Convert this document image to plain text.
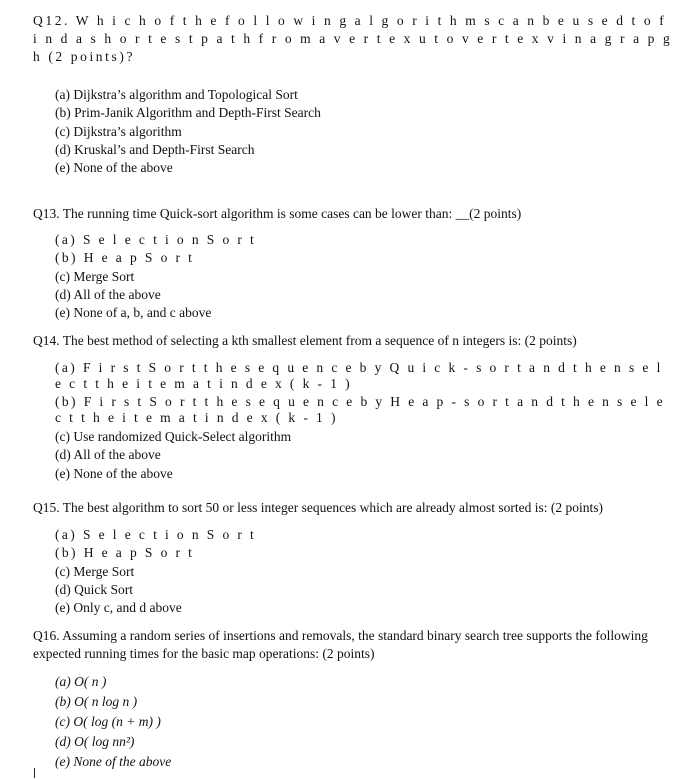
Q12. W h i c h o f t h e f o l l o w i n g a l g o r i t h m s c a n b e u s e d t o f i n d a s h o r t e s t p a t h f r o m a v e r t e x u t o v e r t e x v i n a g r a p g h (2 points)?
(a) Dijkstra’s algorithm and Topological Sort
(b) Prim-Janik Algorithm and Depth-First Search
(c) Dijkstra’s algorithm
(d) Kruskal’s and Depth-First Search
(e) None of the above
Q13. The running time Quick-sort algorithm is some cases can be lower than: __(2 points)
(a) S e l e c t i o n S o r t
(b) H e a p S o r t
(c) Merge Sort
(d) All of the above
(e) None of a, b, and c above
Q14. The best method of selecting a kth smallest element from a sequence of n integers is: (2 points)
(a) F i r s t S o r t t h e s e q u e n c e b y Q u i c k - s o r t a n d t h e n s e l e c t t h e i t e m a t i n d e x ( k - 1 )
(b) F i r s t S o r t t h e s e q u e n c e b y H e a p - s o r t a n d t h e n s e l e c t t h e i t e m a t i n d e x ( k - 1 )
(c) Use randomized Quick-Select algorithm
(d) All of the above
(e) None of the above
Q15. The best algorithm to sort 50 or less integer sequences which are already almost sorted is: (2 points)
(a) S e l e c t i o n S o r t
(b) H e a p S o r t
(c) Merge Sort
(d) Quick Sort
(e) Only c, and d above
Q16. Assuming a random series of insertions and removals, the standard binary search tree supports the following expected running times for the basic map operations: (2 points)
(a) O( n )
(b) O( n log n )
(c) O( log (n + m) )
(d) O( log nn²)
(e) None of the above
